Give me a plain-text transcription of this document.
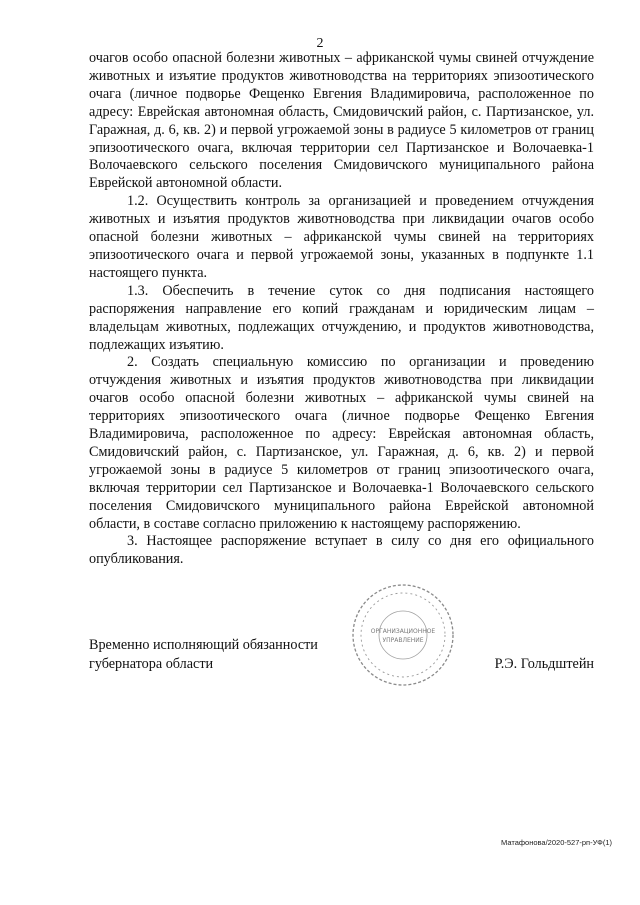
2

очагов особо опасной болезни животных – африканской чумы свиней отчуждение животных и изъятие продуктов животноводства на территориях эпизоотического очага (личное подворье Фещенко Евгения Владимировича, расположенное по адресу: Еврейская автономная область, Смидовичский район, с. Партизанское, ул. Гаражная, д. 6, кв. 2) и первой угрожаемой зоны в радиусе 5 километров от границ эпизоотического очага, включая территории сел Партизанское и Волочаевка-1 Волочаевского сельского поселения Смидовичского муниципального района Еврейской автономной области.

1.2. Осуществить контроль за организацией и проведением отчуждения животных и изъятия продуктов животноводства при ликвидации очагов особо опасной болезни животных – африканской чумы свиней на территориях эпизоотического очага и первой угрожаемой зоны, указанных в подпункте 1.1 настоящего пункта.

1.3. Обеспечить в течение суток со дня подписания настоящего распоряжения направление его копий гражданам и юридическим лицам – владельцам животных, подлежащих отчуждению, и продуктов животноводства, подлежащих изъятию.

2. Создать специальную комиссию по организации и проведению отчуждения животных и изъятия продуктов животноводства при ликвидации очагов особо опасной болезни животных – африканской чумы свиней на территориях эпизоотического очага (личное подворье Фещенко Евгения Владимировича, расположенное по адресу: Еврейская автономная область, Смидовичский район, с. Партизанское, ул. Гаражная, д. 6, кв. 2) и первой угрожаемой зоны в радиусе 5 километров от границ эпизоотического очага, включая территории сел Партизанское и Волочаевка-1 Волочаевского сельского поселения Смидовичского муниципального района Еврейской автономной области, в составе согласно приложению к настоящему распоряжению.

3. Настоящее распоряжение вступает в силу со дня его официального опубликования.

ОРГАНИЗАЦИОННОЕ
УПРАВЛЕНИЕ
Временно исполняющий обязанности
губернатора области	Р.Э. Гольдштейн
Матафонова/2020-527-рп-УФ(1)
